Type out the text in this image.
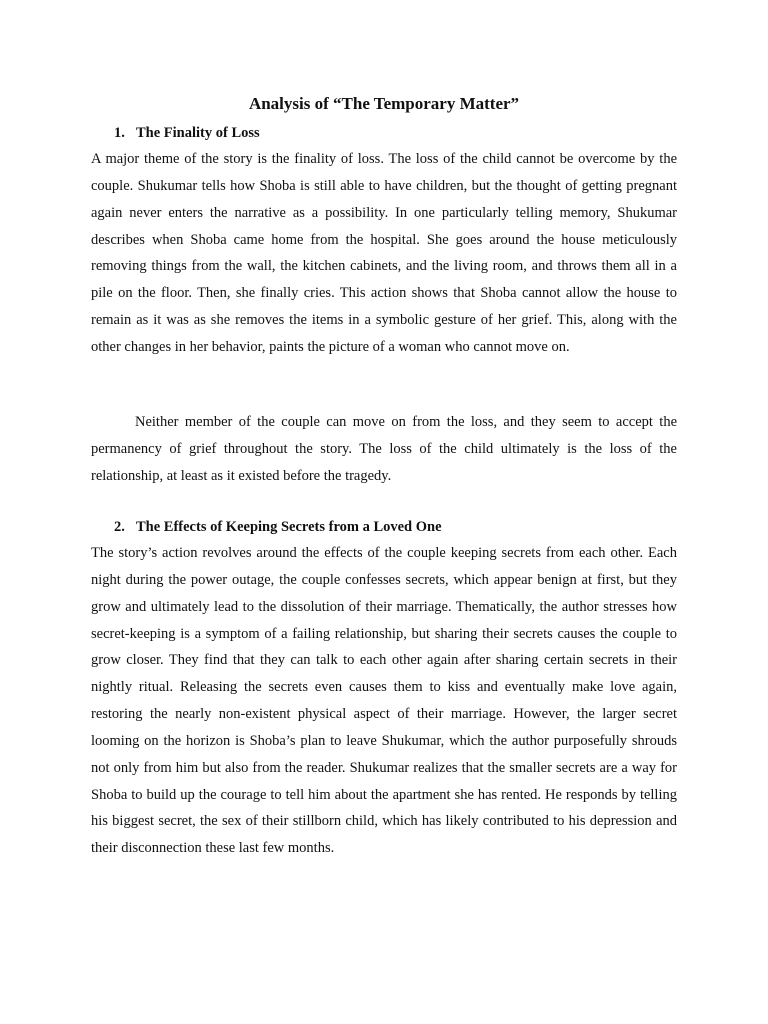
Analysis of “The Temporary Matter”
1. The Finality of Loss

A major theme of the story is the finality of loss. The loss of the child cannot be overcome by the couple. Shukumar tells how Shoba is still able to have children, but the thought of getting pregnant again never enters the narrative as a possibility. In one particularly telling memory, Shukumar describes when Shoba came home from the hospital. She goes around the house meticulously removing things from the wall, the kitchen cabinets, and the living room, and throws them all in a pile on the floor. Then, she finally cries. This action shows that Shoba cannot allow the house to remain as it was as she removes the items in a symbolic gesture of her grief. This, along with the other changes in her behavior, paints the picture of a woman who cannot move on.

Neither member of the couple can move on from the loss, and they seem to accept the permanency of grief throughout the story. The loss of the child ultimately is the loss of the relationship, at least as it existed before the tragedy.

2. The Effects of Keeping Secrets from a Loved One

The story’s action revolves around the effects of the couple keeping secrets from each other. Each night during the power outage, the couple confesses secrets, which appear benign at first, but they grow and ultimately lead to the dissolution of their marriage. Thematically, the author stresses how secret-keeping is a symptom of a failing relationship, but sharing their secrets causes the couple to grow closer. They find that they can talk to each other again after sharing certain secrets in their nightly ritual. Releasing the secrets even causes them to kiss and eventually make love again, restoring the nearly non-existent physical aspect of their marriage. However, the larger secret looming on the horizon is Shoba’s plan to leave Shukumar, which the author purposefully shrouds not only from him but also from the reader. Shukumar realizes that the smaller secrets are a way for Shoba to build up the courage to tell him about the apartment she has rented. He responds by telling his biggest secret, the sex of their stillborn child, which has likely contributed to his depression and their disconnection these last few months.
